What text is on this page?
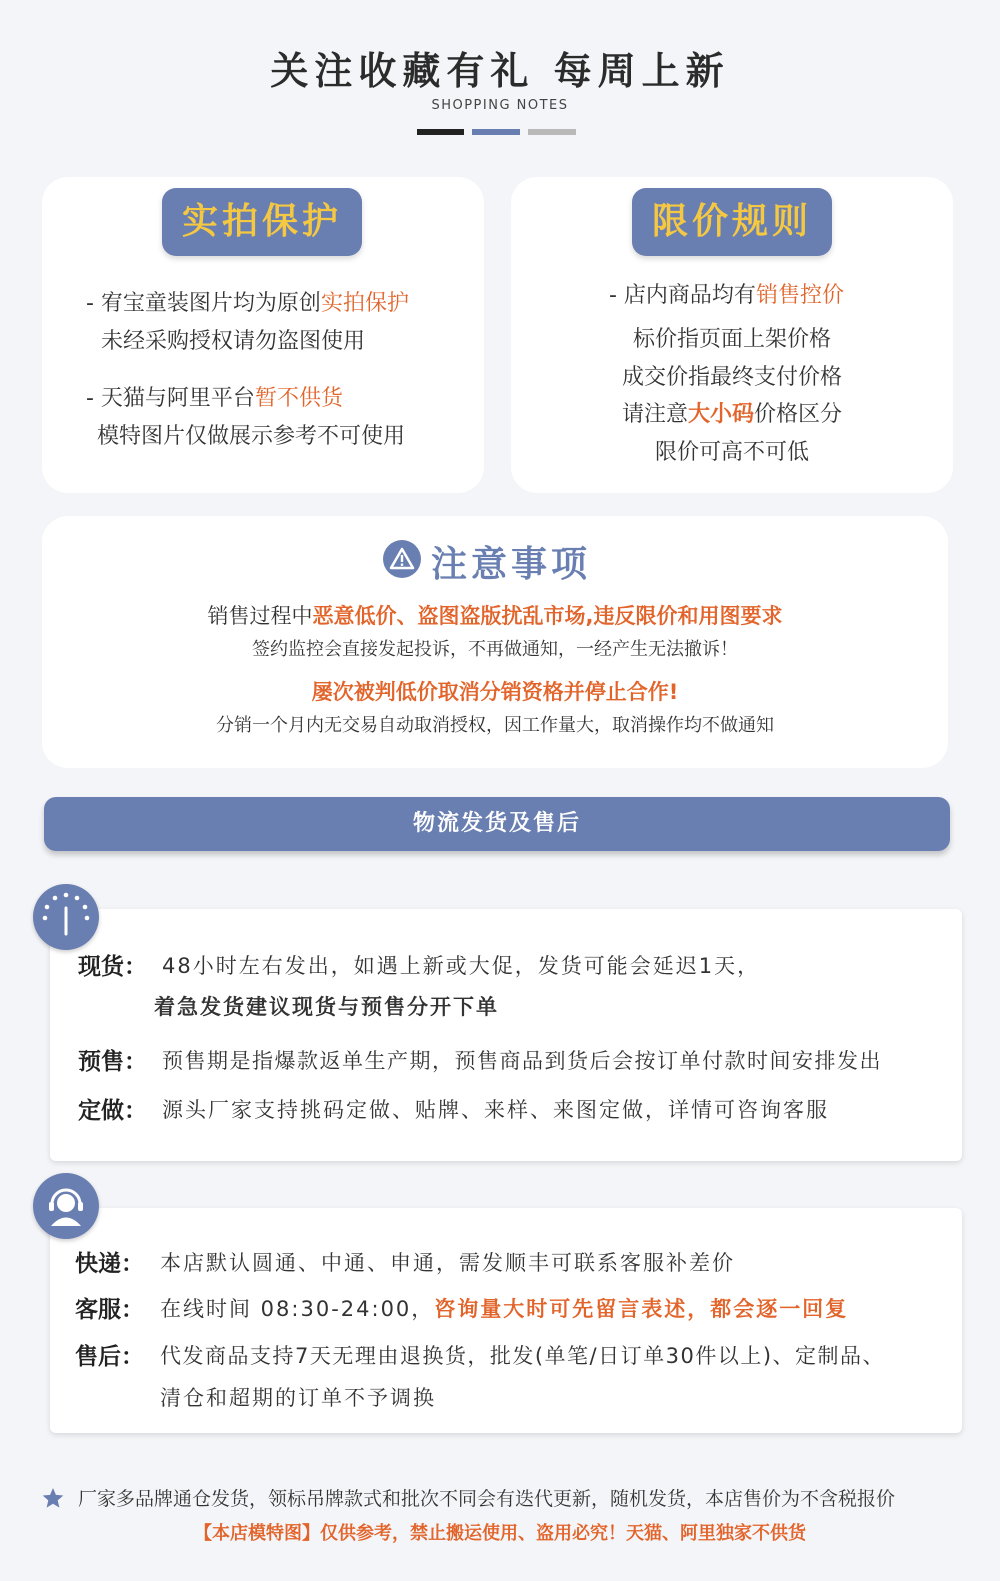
关注收藏有礼 每周上新
SHOPPING NOTES
实拍保护
- 宥宝童装图片均为原创实拍保护
未经采购授权请勿盗图使用
- 天猫与阿里平台暂不供货
模特图片仅做展示参考不可使用
限价规则
- 店内商品均有销售控价
标价指页面上架价格
成交价指最终支付价格
请注意大小码价格区分
限价可高不可低
注意事项
销售过程中恶意低价、盗图盗版扰乱市场,违反限价和用图要求
签约监控会直接发起投诉，不再做通知，一经产生无法撤诉！
屡次被判低价取消分销资格并停止合作!
分销一个月内无交易自动取消授权，因工作量大，取消操作均不做通知
物流发货及售后
现货： 48小时左右发出，如遇上新或大促，发货可能会延迟1天，
着急发货建议现货与预售分开下单
预售： 预售期是指爆款返单生产期，预售商品到货后会按订单付款时间安排发出
定做： 源头厂家支持挑码定做、贴牌、来样、来图定做，详情可咨询客服
快递： 本店默认圆通、中通、申通，需发顺丰可联系客服补差价
客服： 在线时间 08:30-24:00，咨询量大时可先留言表述，都会逐一回复
售后： 代发商品支持7天无理由退换货，批发(单笔/日订单30件以上)、定制品、
清仓和超期的订单不予调换
厂家多品牌通仓发货，领标吊牌款式和批次不同会有迭代更新，随机发货，本店售价为不含税报价
【本店模特图】仅供参考，禁止搬运使用、盗用必究！天猫、阿里独家不供货
